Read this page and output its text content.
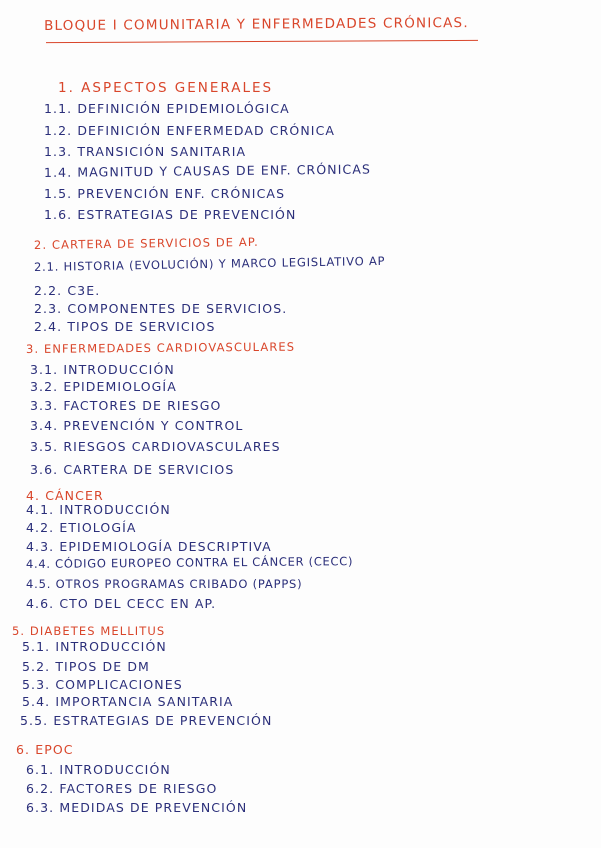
BLOQUE I COMUNITARIA Y ENFERMEDADES CRÓNICAS.
1. ASPECTOS GENERALES
1.1. DEFINICIÓN EPIDEMIOLÓGICA
1.2. DEFINICIÓN ENFERMEDAD CRÓNICA
1.3. TRANSICIÓN SANITARIA
1.4. MAGNITUD Y CAUSAS DE ENF. CRÓNICAS
1.5. PREVENCIÓN ENF. CRÓNICAS
1.6. ESTRATEGIAS DE PREVENCIÓN
2. CARTERA DE SERVICIOS DE AP.
2.1. HISTORIA (EVOLUCIÓN) Y MARCO LEGISLATIVO AP
2.2. C3E.
2.3. COMPONENTES DE SERVICIOS.
2.4. TIPOS DE SERVICIOS
3. ENFERMEDADES CARDIOVASCULARES
3.1. INTRODUCCIÓN
3.2. EPIDEMIOLOGÍA
3.3. FACTORES DE RIESGO
3.4. PREVENCIÓN Y CONTROL
3.5. RIESGOS CARDIOVASCULARES
3.6. CARTERA DE SERVICIOS
4. CÁNCER
4.1. INTRODUCCIÓN
4.2. ETIOLOGÍA
4.3. EPIDEMIOLOGÍA DESCRIPTIVA
4.4. CÓDIGO EUROPEO CONTRA EL CÁNCER (CECC)
4.5. OTROS PROGRAMAS CRIBADO (PAPPS)
4.6. CTO DEL CECC EN AP.
5. DIABETES MELLITUS
5.1. INTRODUCCIÓN
5.2. TIPOS DE DM
5.3. COMPLICACIONES
5.4. IMPORTANCIA SANITARIA
5.5. ESTRATEGIAS DE PREVENCIÓN
6. EPOC
6.1. INTRODUCCIÓN
6.2. FACTORES DE RIESGO
6.3. MEDIDAS DE PREVENCIÓN
